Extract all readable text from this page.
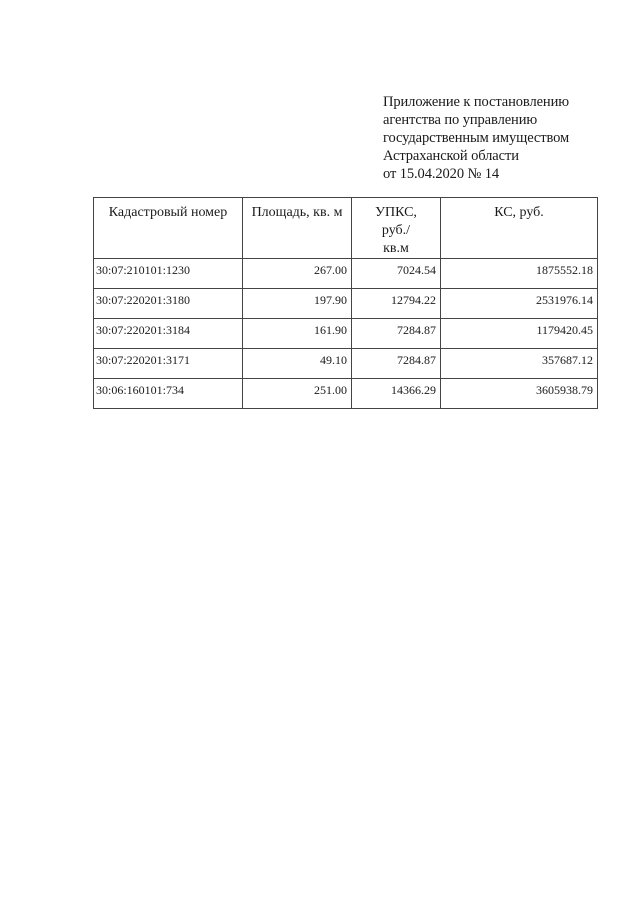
Приложение к постановлению
агентства по управлению
государственным имуществом
Астраханской области
от 15.04.2020 № 14
Кадастровый номер	Площадь, кв. м	УПКС, руб./кв.м	КС, руб.
30:07:210101:1230	267.00	7024.54	1875552.18
30:07:220201:3180	197.90	12794.22	2531976.14
30:07:220201:3184	161.90	7284.87	1179420.45
30:07:220201:3171	49.10	7284.87	357687.12
30:06:160101:734	251.00	14366.29	3605938.79
